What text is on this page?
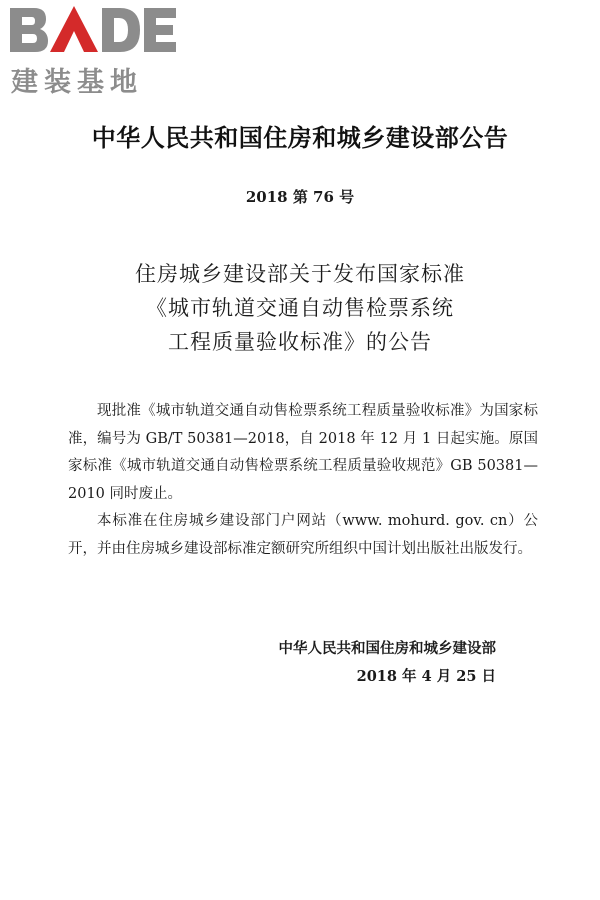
建装基地
中华人民共和国住房和城乡建设部公告
2018 第 76 号
住房城乡建设部关于发布国家标准
《城市轨道交通自动售检票系统
工程质量验收标准》的公告

现批准《城市轨道交通自动售检票系统工程质量验收标准》为国家标准，编号为 GB/T 50381—2018，自 2018 年 12 月 1 日起实施。原国家标准《城市轨道交通自动售检票系统工程质量验收规范》GB 50381—2010 同时废止。

本标准在住房城乡建设部门户网站（www. mohurd. gov. cn）公开，并由住房城乡建设部标准定额研究所组织中国计划出版社出版发行。

中华人民共和国住房和城乡建设部
2018 年 4 月 25 日
